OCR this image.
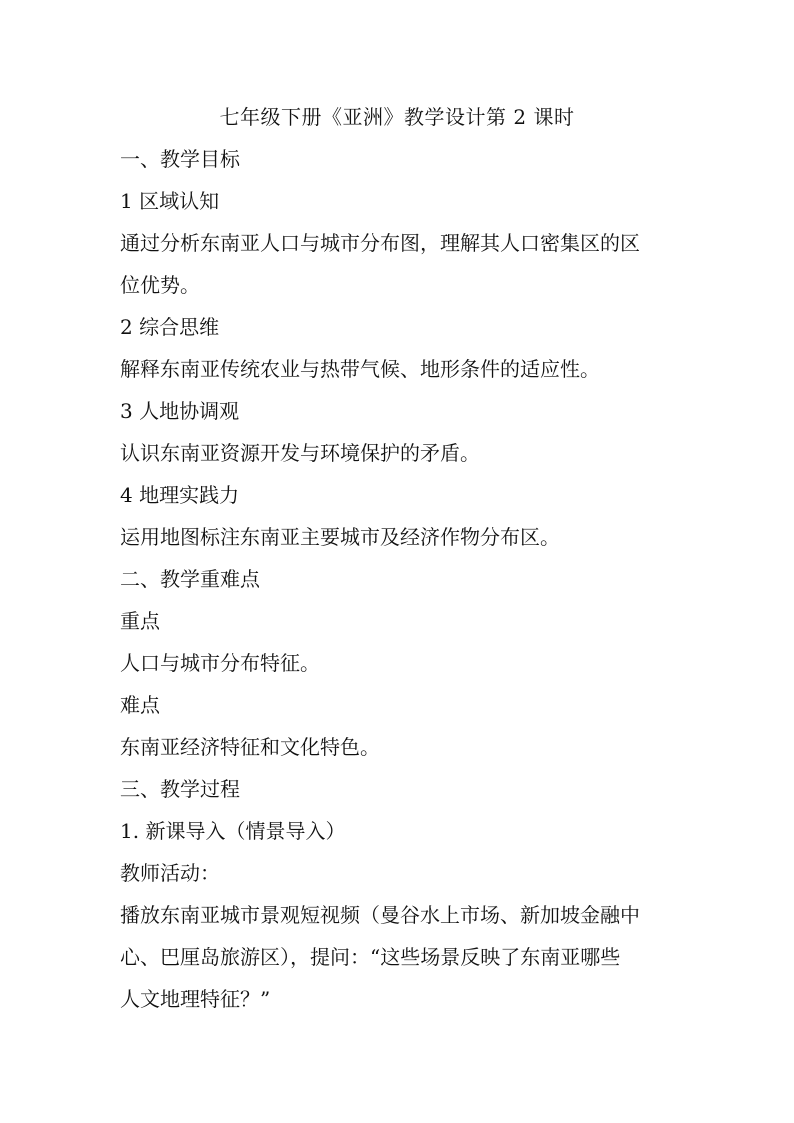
七年级下册《亚洲》教学设计第 2 课时
一、教学目标
1 区域认知
通过分析东南亚人口与城市分布图，理解其人口密集区的区
位优势。
2 综合思维
解释东南亚传统农业与热带气候、地形条件的适应性。
3 人地协调观
认识东南亚资源开发与环境保护的矛盾。
4 地理实践力
运用地图标注东南亚主要城市及经济作物分布区。
二、教学重难点
重点
人口与城市分布特征。
难点
东南亚经济特征和文化特色。
三、教学过程
1. 新课导入（情景导入）
教师活动：
播放东南亚城市景观短视频（曼谷水上市场、新加坡金融中
心、巴厘岛旅游区），提问：“这些场景反映了东南亚哪些
人文地理特征？”
